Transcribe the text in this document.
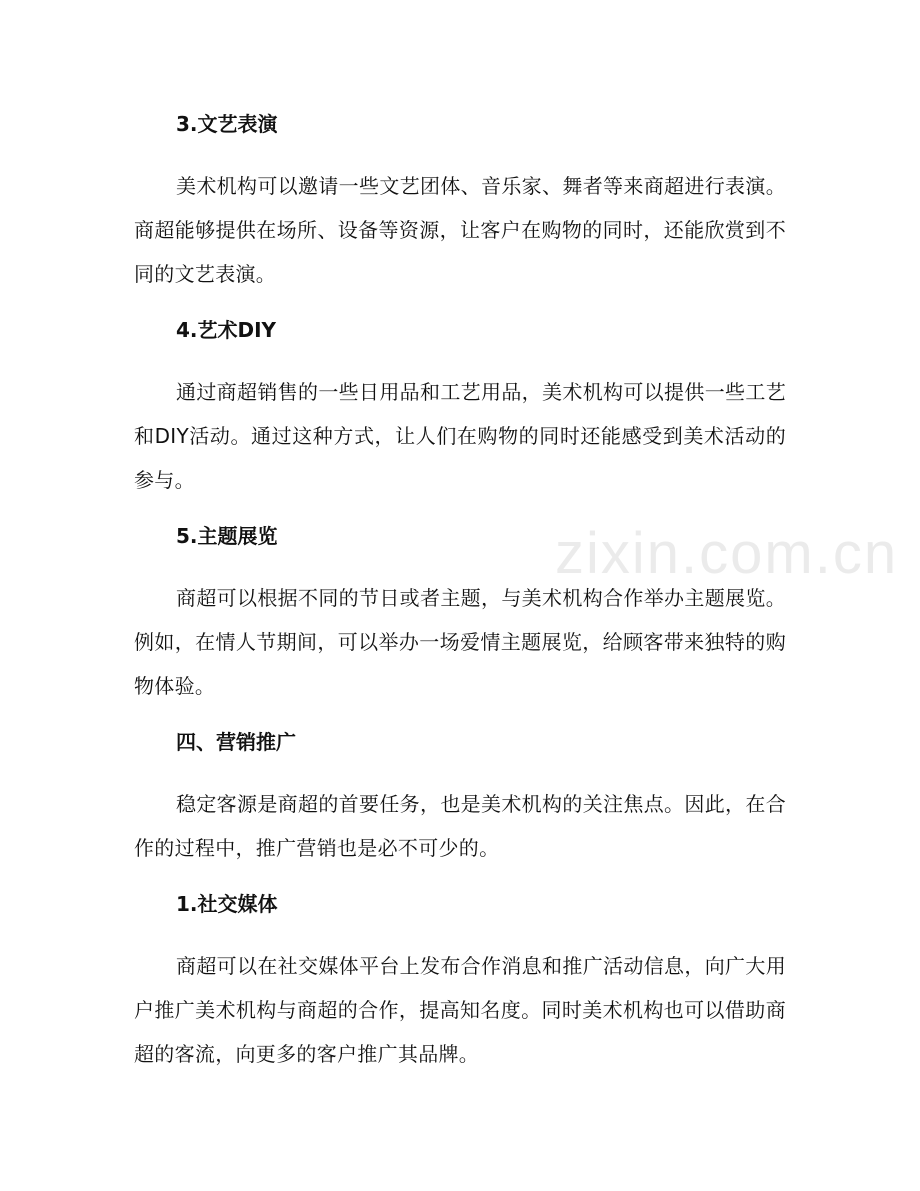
zixin.com.cn
3.文艺表演

美术机构可以邀请一些文艺团体、音乐家、舞者等来商超进行表演。商超能够提供在场所、设备等资源，让客户在购物的同时，还能欣赏到不同的文艺表演。

4.艺术DIY

通过商超销售的一些日用品和工艺用品，美术机构可以提供一些工艺和DIY活动。通过这种方式，让人们在购物的同时还能感受到美术活动的参与。

5.主题展览

商超可以根据不同的节日或者主题，与美术机构合作举办主题展览。例如，在情人节期间，可以举办一场爱情主题展览，给顾客带来独特的购物体验。

四、营销推广

稳定客源是商超的首要任务，也是美术机构的关注焦点。因此，在合作的过程中，推广营销也是必不可少的。

1.社交媒体

商超可以在社交媒体平台上发布合作消息和推广活动信息，向广大用户推广美术机构与商超的合作，提高知名度。同时美术机构也可以借助商超的客流，向更多的客户推广其品牌。
